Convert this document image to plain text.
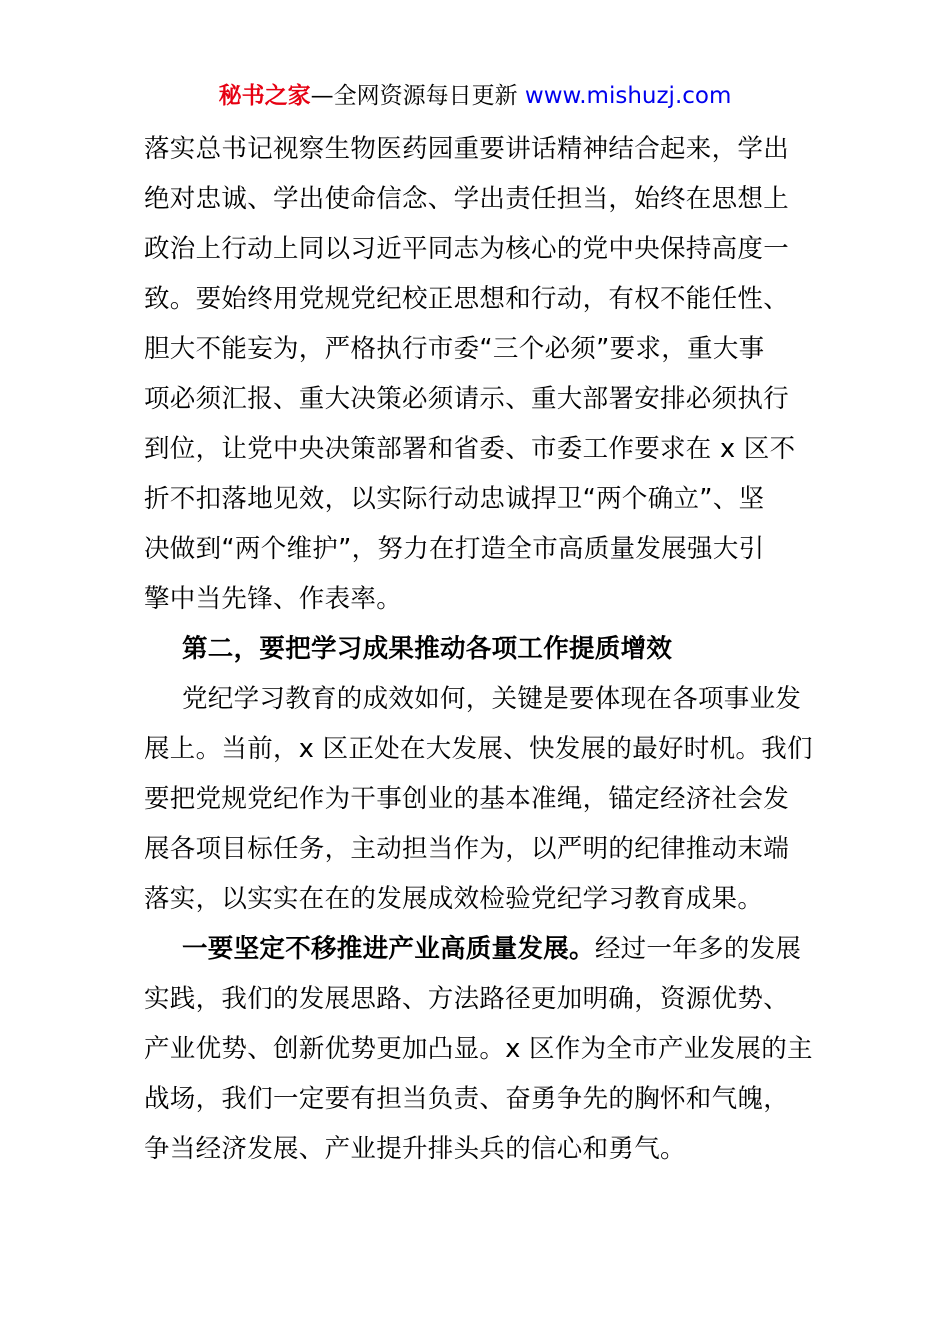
秘书之家—全网资源每日更新 www.mishuzj.com
落实总书记视察生物医药园重要讲话精神结合起来，学出
绝对忠诚、学出使命信念、学出责任担当，始终在思想上
政治上行动上同以习近平同志为核心的党中央保持高度一
致。要始终用党规党纪校正思想和行动，有权不能任性、
胆大不能妄为，严格执行市委“三个必须”要求，重大事
项必须汇报、重大决策必须请示、重大部署安排必须执行
到位，让党中央决策部署和省委、市委工作要求在 x 区不
折不扣落地见效，以实际行动忠诚捍卫“两个确立”、坚
决做到“两个维护”，努力在打造全市高质量发展强大引
擎中当先锋、作表率。
第二，要把学习成果推动各项工作提质增效
党纪学习教育的成效如何，关键是要体现在各项事业发
展上。当前，x 区正处在大发展、快发展的最好时机。我们
要把党规党纪作为干事创业的基本准绳，锚定经济社会发
展各项目标任务，主动担当作为，以严明的纪律推动末端
落实，以实实在在的发展成效检验党纪学习教育成果。
一要坚定不移推进产业高质量发展。经过一年多的发展
实践，我们的发展思路、方法路径更加明确，资源优势、
产业优势、创新优势更加凸显。x 区作为全市产业发展的主
战场，我们一定要有担当负责、奋勇争先的胸怀和气魄，
争当经济发展、产业提升排头兵的信心和勇气。
